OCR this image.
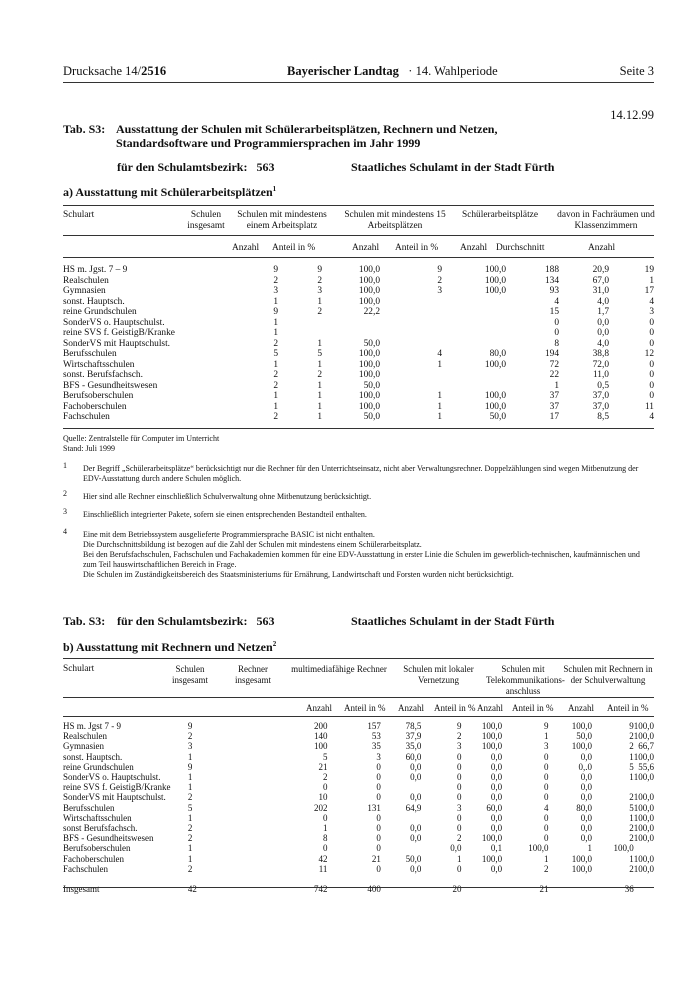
Drucksache 14/2516	Bayerischer Landtag · 14. Wahlperiode	Seite 3
14.12.99
Tab. S3: Ausstattung der Schulen mit Schülerarbeitsplätzen, Rechnern und Netzen,
Standardsoftware und Programmiersprachen im Jahr 1999
für den Schulamtsbezirk: 563	Staatliches Schulamt in der Stadt Fürth
a) Ausstattung mit Schülerarbeitsplätzen$^1$
Schulart	Schulen insgesamt
Schulen mit mindestens einem Arbeitsplatz
Schulen mit mindestens 15 Arbeitsplätzen
Schülerarbeitsplätze	davon in Fachräumen und Klassenzimmern
Anzahl Anteil in %	Anzahl Anteil in % Anzahl Durchschnitt	Anzahl
HS m. Jgst. 7 – 9	9	9	100,0	9	100,0	188	20,9	19
Realschulen	2	2	100,0	2	100,0	134	67,0	1
Gymnasien	3	3	100,0	3	100,0	93	31,0	17
sonst. Hauptsch.	1	1	100,0			4	4,0	4
reine Grundschulen	9	2	22,2			15	1,7	3
SonderVS o. Hauptschulst.	1					0	0,0	0
reine SVS f. GeistigB/Kranke	1					0	0,0	0
SonderVS mit Hauptschulst.	2	1	50,0			8	4,0	0
Berufsschulen	5	5	100,0	4	80,0	194	38,8	12
Wirtschaftsschulen	1	1	100,0	1	100,0	72	72,0	0
sonst. Berufsfachsch.	2	2	100,0			22	11,0	0
BFS - Gesundheitswesen	2	1	50,0			1	0,5	0
Berufsoberschulen	1	1	100,0	1	100,0	37	37,0	0
Fachoberschulen	1	1	100,0	1	100,0	37	37,0	11
Fachschulen	2	1	50,0	1	50,0	17	8,5	4
Quelle: Zentralstelle für Computer im Unterricht
Stand: Juli 1999
1 Der Begriff „Schülerarbeitsplätze“ berücksichtigt nur die Rechner für den Unterrichtseinsatz, nicht aber Verwaltungsrechner. Doppelzählungen sind wegen Mitbenutzung der
EDV-Ausstattung durch andere Schulen möglich.
2 Hier sind alle Rechner einschließlich Schulverwaltung ohne Mitbenutzung berücksichtigt.
3 Einschließlich integrierter Pakete, sofern sie einen entsprechenden Bestandteil enthalten.
4 Eine mit dem Betriebssystem ausgelieferte Programmiersprache BASIC ist nicht enthalten.
Die Durchschnittsbildung ist bezogen auf die Zahl der Schulen mit mindestens einem Schülerarbeitsplatz.
Bei den Berufsfachschulen, Fachschulen und Fachakademien kommen für eine EDV-Ausstattung in erster Linie die Schulen im gewerblich-technischen, kaufmännischen und
zum Teil hauswirtschaftlichen Bereich in Frage.
Die Schulen im Zuständigkeitsbereich des Staatsministeriums für Ernährung, Landwirtschaft und Forsten wurden nicht berücksichtigt.
Tab. S3: für den Schulamtsbezirk: 563	Staatliches Schulamt in der Stadt Fürth
b) Ausstattung mit Rechnern und Netzen$^2$
Schulart	Schulen insgesamt
Rechner insgesamt
multimediafähige Rechner	Schulen mit lokaler Vernetzung
Schulen mit Telekommunikations-anschluss
Schulen mit Rechnern in der Schulverwaltung
Anzahl Anteil in % Anzahl Anteil in % Anzahl Anteil in % Anzahl Anteil in %
HS m. Jgst 7 - 9		9	200	157	78,5	9	100,0	9	100,0	9	100,0
Realschulen		2	140	53	37,9	2	100,0	1	50,0	2	100,0
Gymnasien		3	100	35	35,0	3	100,0	3	100,0	2	66,7
sonst. Hauptsch.		1	5	3	60,0	0	0,0	0	0,0	1	100,0
reine Grundschulen		9	21	0	0,0	0	0,0	0	0,.0	5	55,6
SonderVS o. Hauptschulst.		1	2	0	0,0	0	0,0	0	0,0	1	100,0
reine SVS f. GeistigB/Kranke		1	0	0		0	0,0	0	0,0		
SonderVS mit Hauptschulst.		2	10	0	0,0	0	0,0	0	0,0	2	100,0
Berufsschulen		5	202	131	64,9	3	60,0	4	80,0	5	100,0
Wirtschaftsschulen		1	0	0		0	0,0	0	0,0	1	100,0
sonst Berufsfachsch.		2	1	0	0,0	0	0,0	0	0,0	2	100,0
BFS - Gesundheitswesen		2	8	0	0,0	2	100,0	0	0,0	2	100,0
Berufsoberschulen		1	0	0		0,0	0,1	100,0	1	100,0	
Fachoberschulen		1	42	21	50,0	1	100,0	1	100,0	1	100,0
Fachschulen		2	11	0	0,0	0	0,0	2	100,0	2	100,0
Insgesamt		42	742	400		20		21		36	
